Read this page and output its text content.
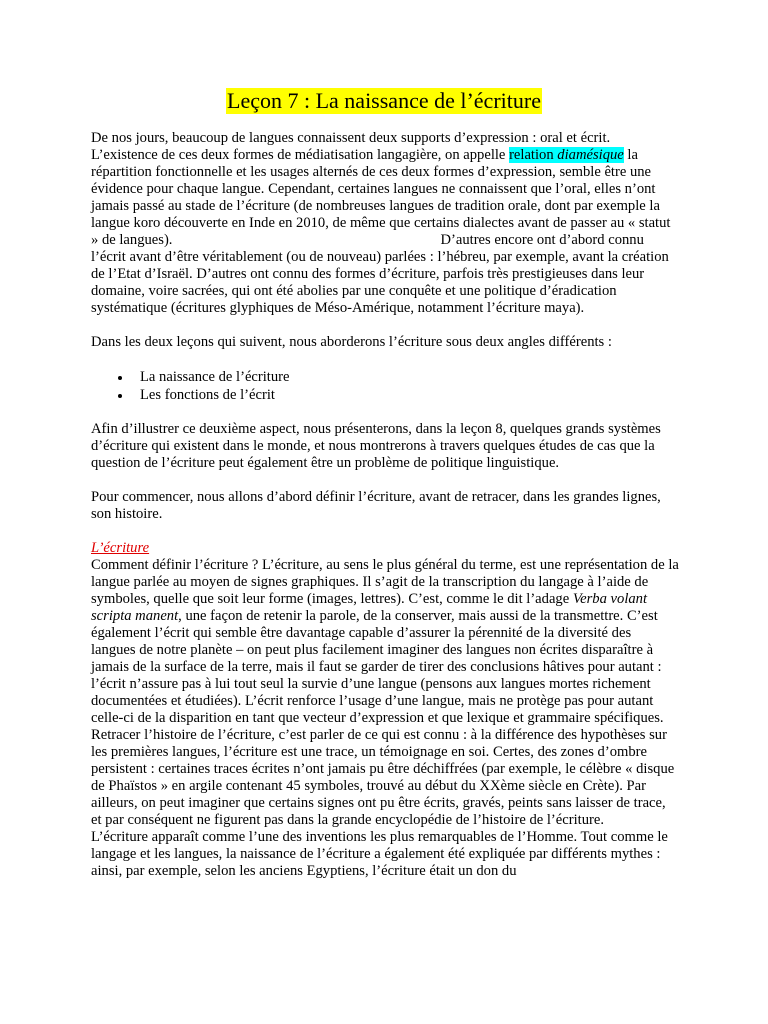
Leçon 7 : La naissance de l’écriture

De nos jours, beaucoup de langues connaissent deux supports d’expression : oral et écrit. L’existence de ces deux formes de médiatisation langagière, on appelle relation diamésique la répartition fonctionnelle et les usages alternés de ces deux formes d’expression, semble être une évidence pour chaque langue. Cependant, certaines langues ne connaissent que l’oral, elles n’ont jamais passé au stade de l’écriture (de nombreuses langues de tradition orale, dont par exemple la langue koro découverte en Inde en 2010, de même que certains dialectes avant de passer au « statut » de langues).	D’autres encore ont d’abord connu l’écrit avant d’être véritablement (ou de nouveau) parlées : l’hébreu, par exemple, avant la création de l’Etat d’Israël. D’autres ont connu des formes d’écriture, parfois très prestigieuses dans leur domaine, voire sacrées, qui ont été abolies par une conquête et une politique d’éradication systématique (écritures glyphiques de Méso-Amérique, notamment l’écriture maya).

Dans les deux leçons qui suivent, nous aborderons l’écriture sous deux angles différents :

La naissance de l’écriture
Les fonctions de l’écrit

Afin d’illustrer ce deuxième aspect, nous présenterons, dans la leçon 8, quelques grands systèmes d’écriture qui existent dans le monde, et nous montrerons à travers quelques études de cas que la question de l’écriture peut également être un problème de politique linguistique.

Pour commencer, nous allons d’abord définir l’écriture, avant de retracer, dans les grandes lignes, son histoire.

L’écriture

Comment définir l’écriture ? L’écriture, au sens le plus général du terme, est une représentation de la langue parlée au moyen de signes graphiques. Il s’agit de la transcription du langage à l’aide de symboles, quelle que soit leur forme (images, lettres). C’est, comme le dit l’adage Verba volant scripta manent, une façon de retenir la parole, de la conserver, mais aussi de la transmettre. C’est également l’écrit qui semble être davantage capable d’assurer la pérennité de la diversité des langues de notre planète – on peut plus facilement imaginer des langues non écrites disparaître à jamais de la surface de la terre, mais il faut se garder de tirer des conclusions hâtives pour autant : l’écrit n’assure pas à lui tout seul la survie d’une langue (pensons aux langues mortes richement documentées et étudiées). L’écrit renforce l’usage d’une langue, mais ne protège pas pour autant celle-ci de la disparition en tant que vecteur d’expression et que lexique et grammaire spécifiques.

Retracer l’histoire de l’écriture, c’est parler de ce qui est connu : à la différence des hypothèses sur les premières langues, l’écriture est une trace, un témoignage en soi. Certes, des zones d’ombre persistent : certaines traces écrites n’ont jamais pu être déchiffrées (par exemple, le célèbre « disque de Phaïstos » en argile contenant 45 symboles, trouvé au début du XXème siècle en Crète). Par ailleurs, on peut imaginer que certains signes ont pu être écrits, gravés, peints sans laisser de trace, et par conséquent ne figurent pas dans la grande encyclopédie de l’histoire de l’écriture.

L’écriture apparaît comme l’une des inventions les plus remarquables de l’Homme. Tout comme le langage et les langues, la naissance de l’écriture a également été expliquée par différents mythes : ainsi, par exemple, selon les anciens Egyptiens, l’écriture était un don du
